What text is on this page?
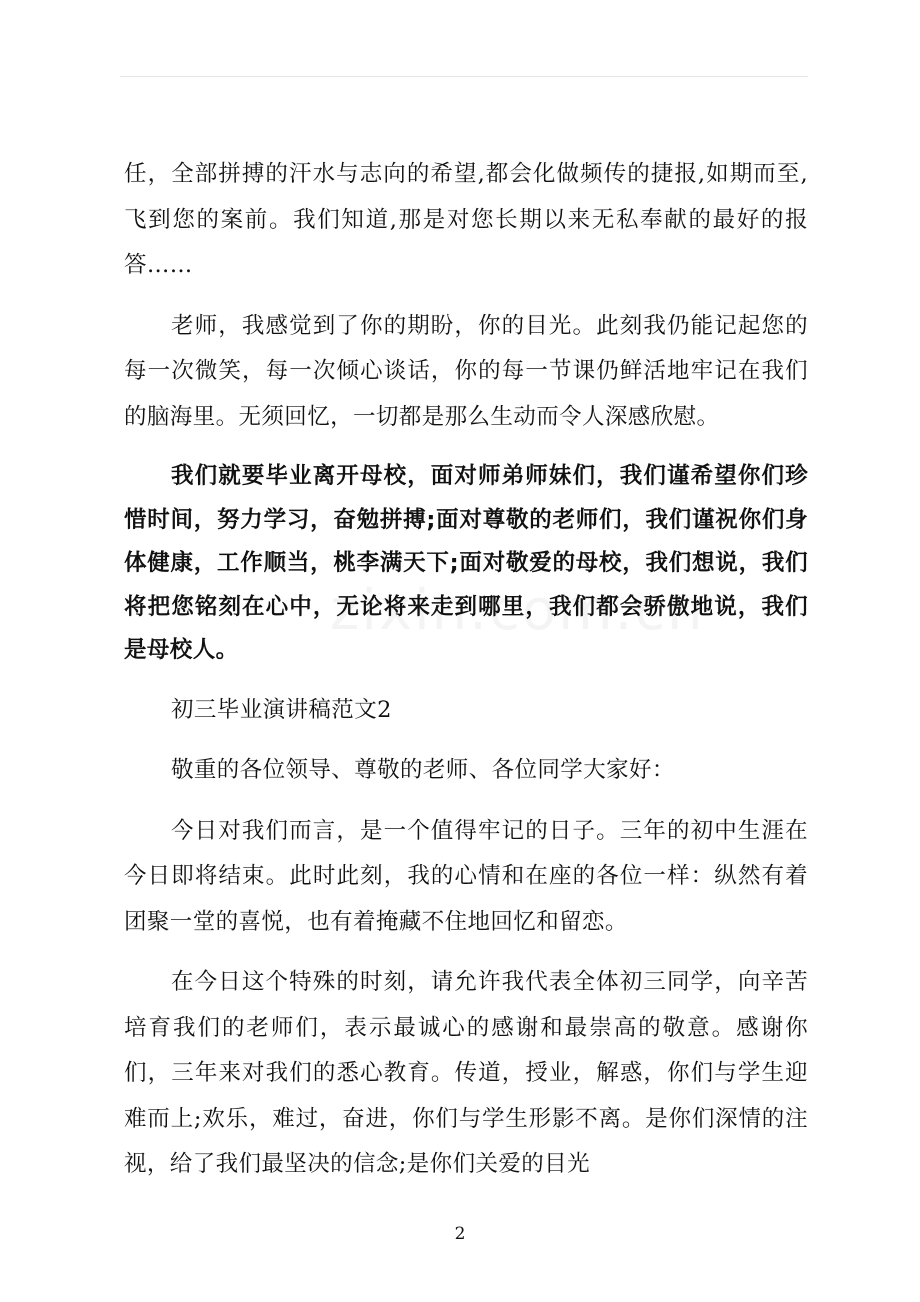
任，全部拼搏的汗水与志向的希望,都会化做频传的捷报,如期而至,飞到您的案前。我们知道,那是对您长期以来无私奉献的最好的报答……

老师，我感觉到了你的期盼，你的目光。此刻我仍能记起您的每一次微笑，每一次倾心谈话，你的每一节课仍鲜活地牢记在我们的脑海里。无须回忆，一切都是那么生动而令人深感欣慰。

我们就要毕业离开母校，面对师弟师妹们，我们谨希望你们珍惜时间，努力学习，奋勉拼搏;面对尊敬的老师们，我们谨祝你们身体健康，工作顺当，桃李满天下;面对敬爱的母校，我们想说，我们将把您铭刻在心中，无论将来走到哪里，我们都会骄傲地说，我们是母校人。

初三毕业演讲稿范文2

敬重的各位领导、尊敬的老师、各位同学大家好：

今日对我们而言，是一个值得牢记的日子。三年的初中生涯在今日即将结束。此时此刻，我的心情和在座的各位一样：纵然有着团聚一堂的喜悦，也有着掩藏不住地回忆和留恋。

在今日这个特殊的时刻，请允许我代表全体初三同学，向辛苦培育我们的老师们，表示最诚心的感谢和最崇高的敬意。感谢你们，三年来对我们的悉心教育。传道，授业，解惑，你们与学生迎难而上;欢乐，难过，奋进，你们与学生形影不离。是你们深情的注视，给了我们最坚决的信念;是你们关爱的目光

2
